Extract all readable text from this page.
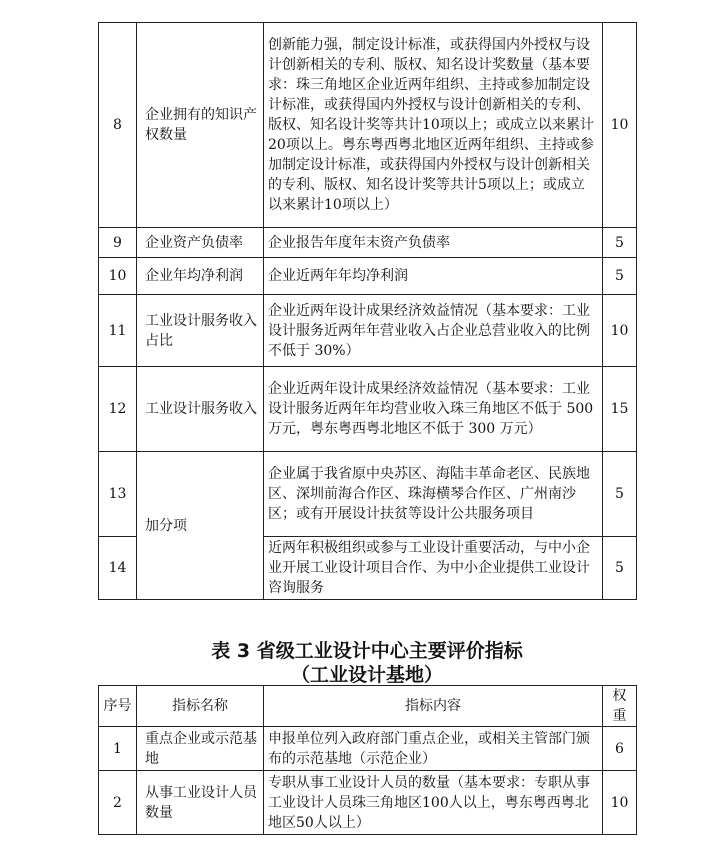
8	企业拥有的知识产权数量	创新能力强，制定设计标准，或获得国内外授权与设计创新相关的专利、版权、知名设计奖数量（基本要求：珠三角地区企业近两年组织、主持或参加制定设计标准，或获得国内外授权与设计创新相关的专利、版权、知名设计奖等共计10项以上；或成立以来累计20项以上。粤东粤西粤北地区近两年组织、主持或参加制定设计标准，或获得国内外授权与设计创新相关的专利、版权、知名设计奖等共计5项以上；或成立以来累计10项以上）	10
9	企业资产负债率	企业报告年度年末资产负债率	5
10	企业年均净利润	企业近两年年均净利润	5
11	工业设计服务收入占比	企业近两年设计成果经济效益情况（基本要求：工业设计服务近两年年营业收入占企业总营业收入的比例不低于 30%）	10
12	工业设计服务收入	企业近两年设计成果经济效益情况（基本要求：工业设计服务近两年年均营业收入珠三角地区不低于 500 万元，粤东粤西粤北地区不低于 300 万元）	15
13	加分项	企业属于我省原中央苏区、海陆丰革命老区、民族地区、深圳前海合作区、珠海横琴合作区、广州南沙区；或有开展设计扶贫等设计公共服务项目	5
14		近两年积极组织或参与工业设计重要活动，与中小企业开展工业设计项目合作、为中小企业提供工业设计咨询服务	5
表 3 省级工业设计中心主要评价指标
（工业设计基地）
序号	指标名称	指标内容	权重
1	重点企业或示范基地	申报单位列入政府部门重点企业，或相关主管部门颁布的示范基地（示范企业）	6
2	从事工业设计人员数量	专职从事工业设计人员的数量（基本要求：专职从事工业设计人员珠三角地区100人以上，粤东粤西粤北地区50人以上）	10
